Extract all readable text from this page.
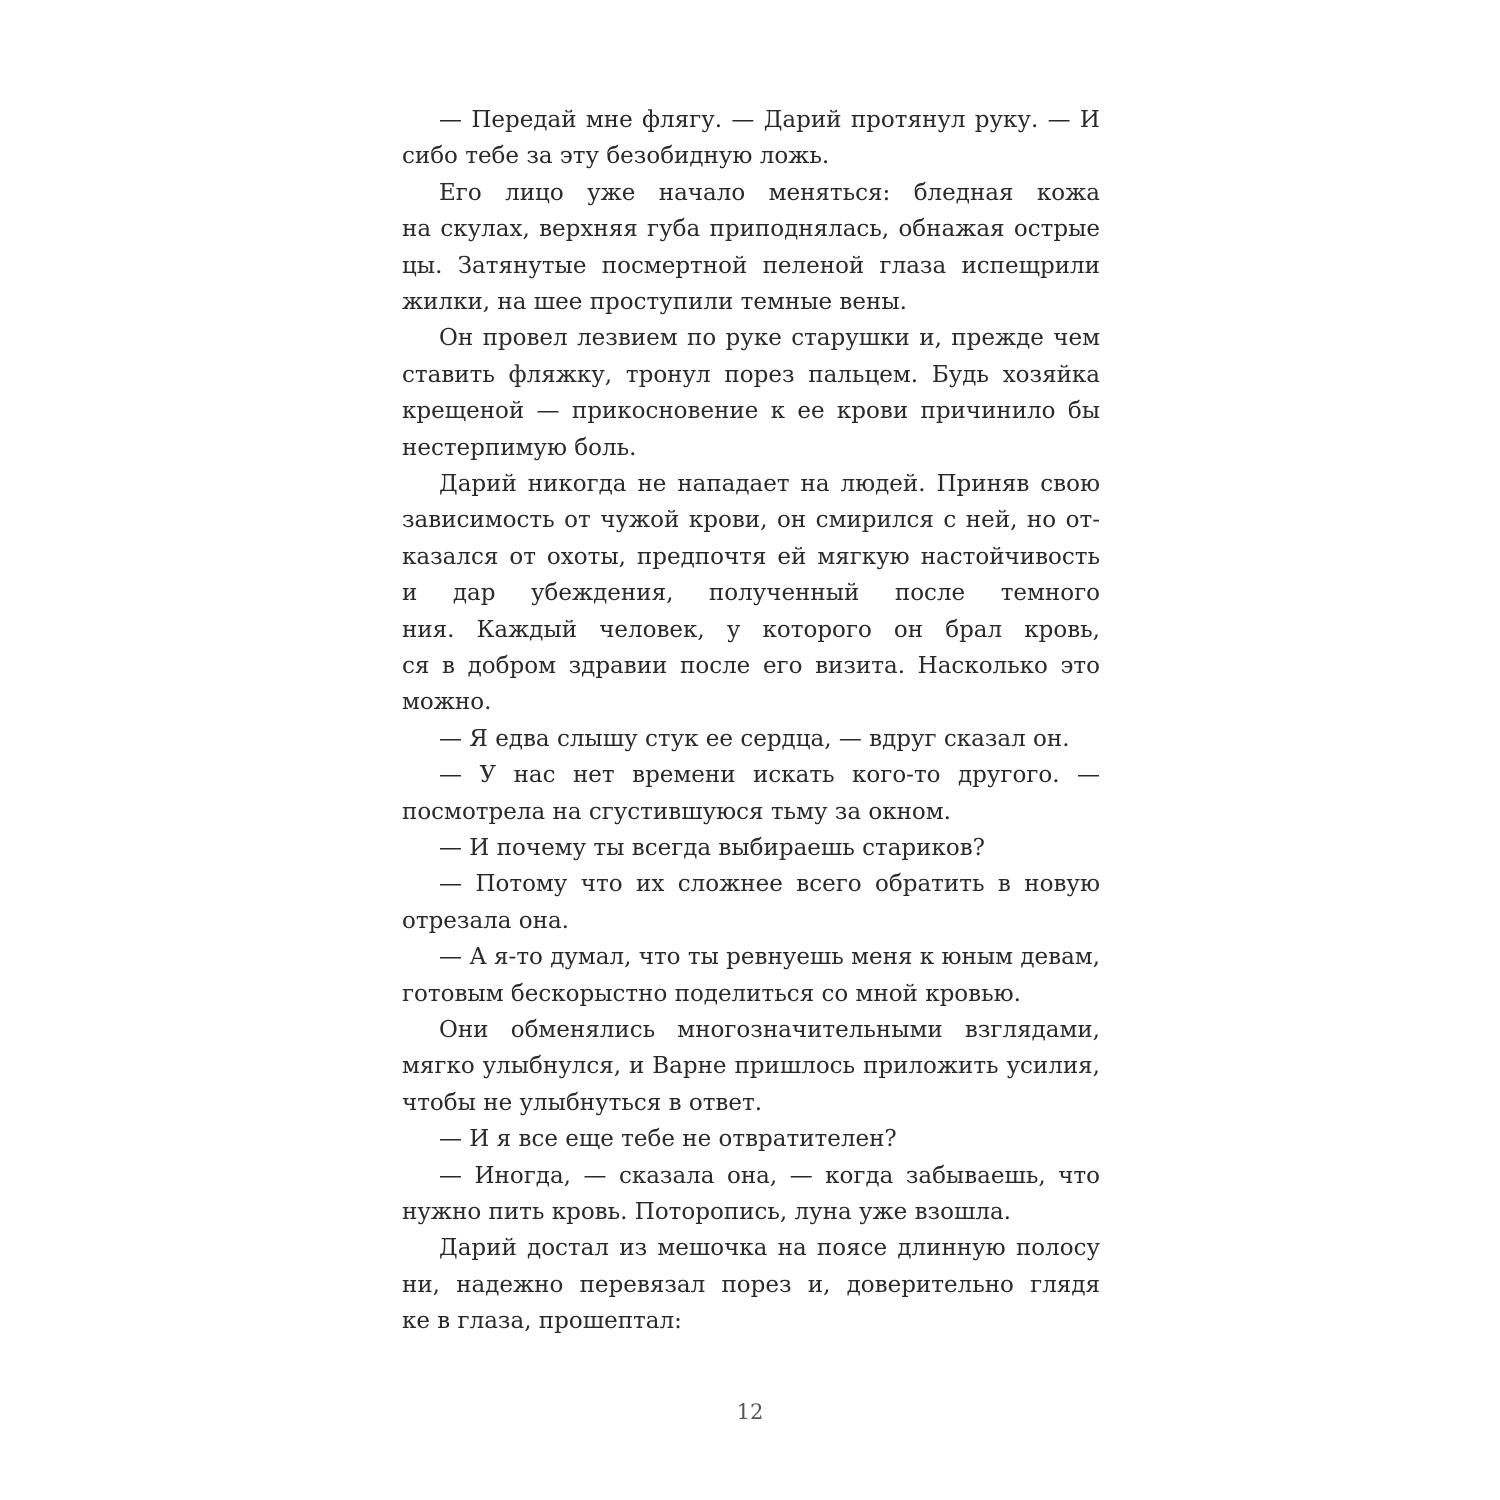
— Передай мне флягу. — Дарий протянул руку. — И
сибо тебе за эту безобидную ложь.
Его лицо уже начало меняться: бледная кожа
на скулах, верхняя губа приподнялась, обнажая острые
цы. Затянутые посмертной пеленой глаза испещрили
жилки, на шее проступили темные вены.
Он провел лезвием по руке старушки и, прежде чем
ставить фляжку, тронул порез пальцем. Будь хозяйка
крещеной — прикосновение к ее крови причинило бы
нестерпимую боль.
Дарий никогда не нападает на людей. Приняв свою
зависимость от чужой крови, он смирился с ней, но от-
казался от охоты, предпочтя ей мягкую настойчивость
и дар убеждения, полученный после темного
ния. Каждый человек, у которого он брал кровь,
ся в добром здравии после его визита. Насколько это
можно.
— Я едва слышу стук ее сердца, — вдруг сказал он.
— У нас нет времени искать кого-то другого. —
посмотрела на сгустившуюся тьму за окном.
— И почему ты всегда выбираешь стариков?
— Потому что их сложнее всего обратить в новую
отрезала она.
— А я-то думал, что ты ревнуешь меня к юным девам,
готовым бескорыстно поделиться со мной кровью.
Они обменялись многозначительными взглядами,
мягко улыбнулся, и Варне пришлось приложить усилия,
чтобы не улыбнуться в ответ.
— И я все еще тебе не отвратителен?
— Иногда, — сказала она, — когда забываешь, что
нужно пить кровь. Поторопись, луна уже взошла.
Дарий достал из мешочка на поясе длинную полосу
ни, надежно перевязал порез и, доверительно глядя
ке в глаза, прошептал:
12
